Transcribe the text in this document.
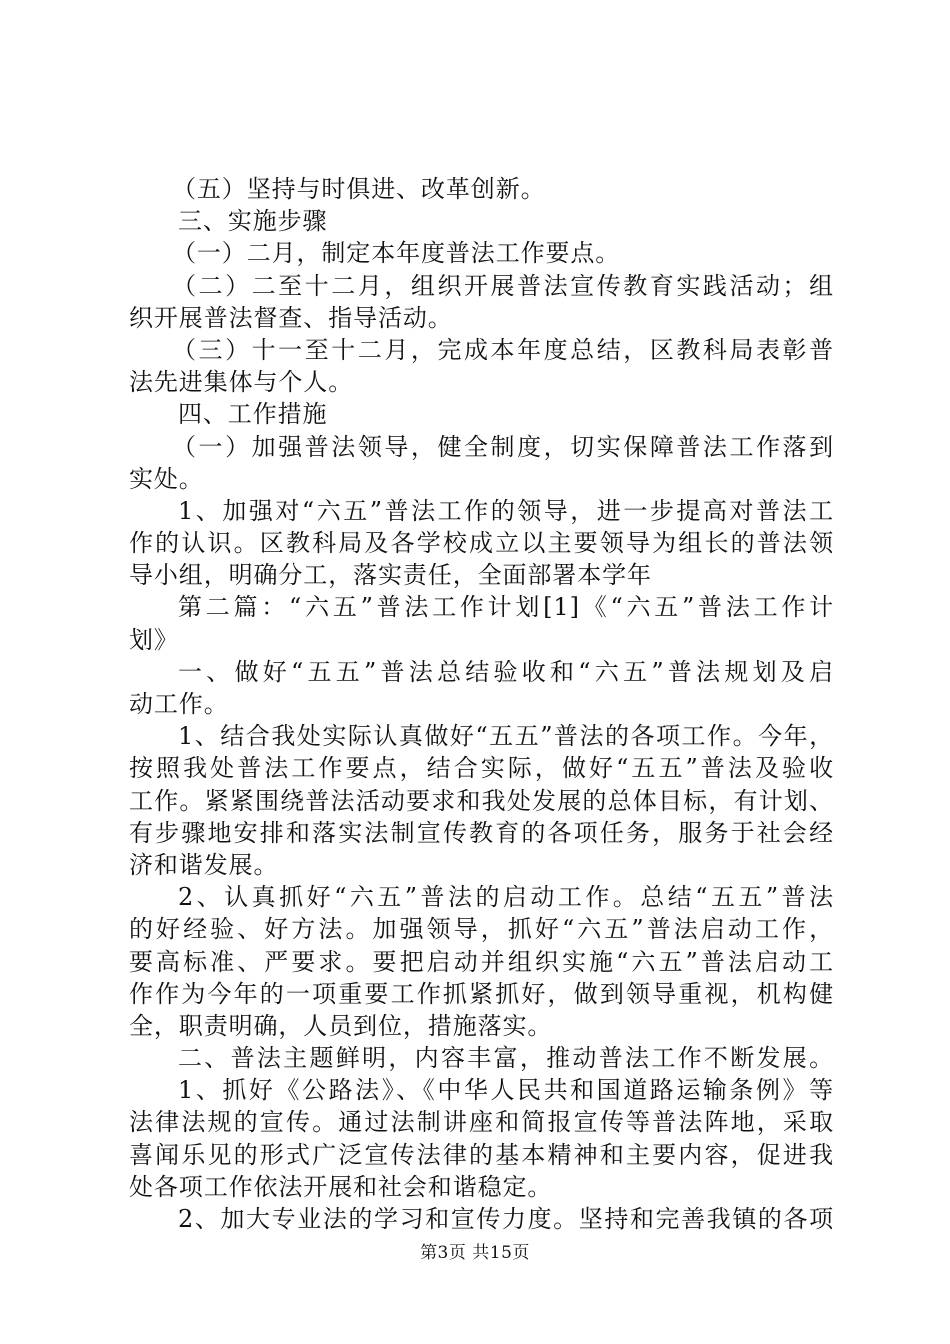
（五）坚持与时俱进、改革创新。
三、实施步骤
（一）二月，制定本年度普法工作要点。
（二）二至十二月，组织开展普法宣传教育实践活动；组
织开展普法督查、指导活动。
（三）十一至十二月，完成本年度总结，区教科局表彰普
法先进集体与个人。
四、工作措施
（一）加强普法领导，健全制度，切实保障普法工作落到
实处。
1、加强对“六五”普法工作的领导，进一步提高对普法工
作的认识。区教科局及各学校成立以主要领导为组长的普法领
导小组，明确分工，落实责任，全面部署本学年
第二篇：“六五”普法工作计划[1]《“六五”普法工作计
划》
一、做好“五五”普法总结验收和“六五”普法规划及启
动工作。
1、结合我处实际认真做好“五五”普法的各项工作。今年，
按照我处普法工作要点，结合实际，做好“五五”普法及验收
工作。紧紧围绕普法活动要求和我处发展的总体目标，有计划、
有步骤地安排和落实法制宣传教育的各项任务，服务于社会经
济和谐发展。
2、认真抓好“六五”普法的启动工作。总结“五五”普法
的好经验、好方法。加强领导，抓好“六五”普法启动工作，
要高标准、严要求。要把启动并组织实施“六五”普法启动工
作作为今年的一项重要工作抓紧抓好，做到领导重视，机构健
全，职责明确，人员到位，措施落实。
二、普法主题鲜明，内容丰富，推动普法工作不断发展。
1、抓好《公路法》、《中华人民共和国道路运输条例》等
法律法规的宣传。通过法制讲座和简报宣传等普法阵地，采取
喜闻乐见的形式广泛宣传法律的基本精神和主要内容，促进我
处各项工作依法开展和社会和谐稳定。
2、加大专业法的学习和宣传力度。坚持和完善我镇的各项
第3页 共15页
